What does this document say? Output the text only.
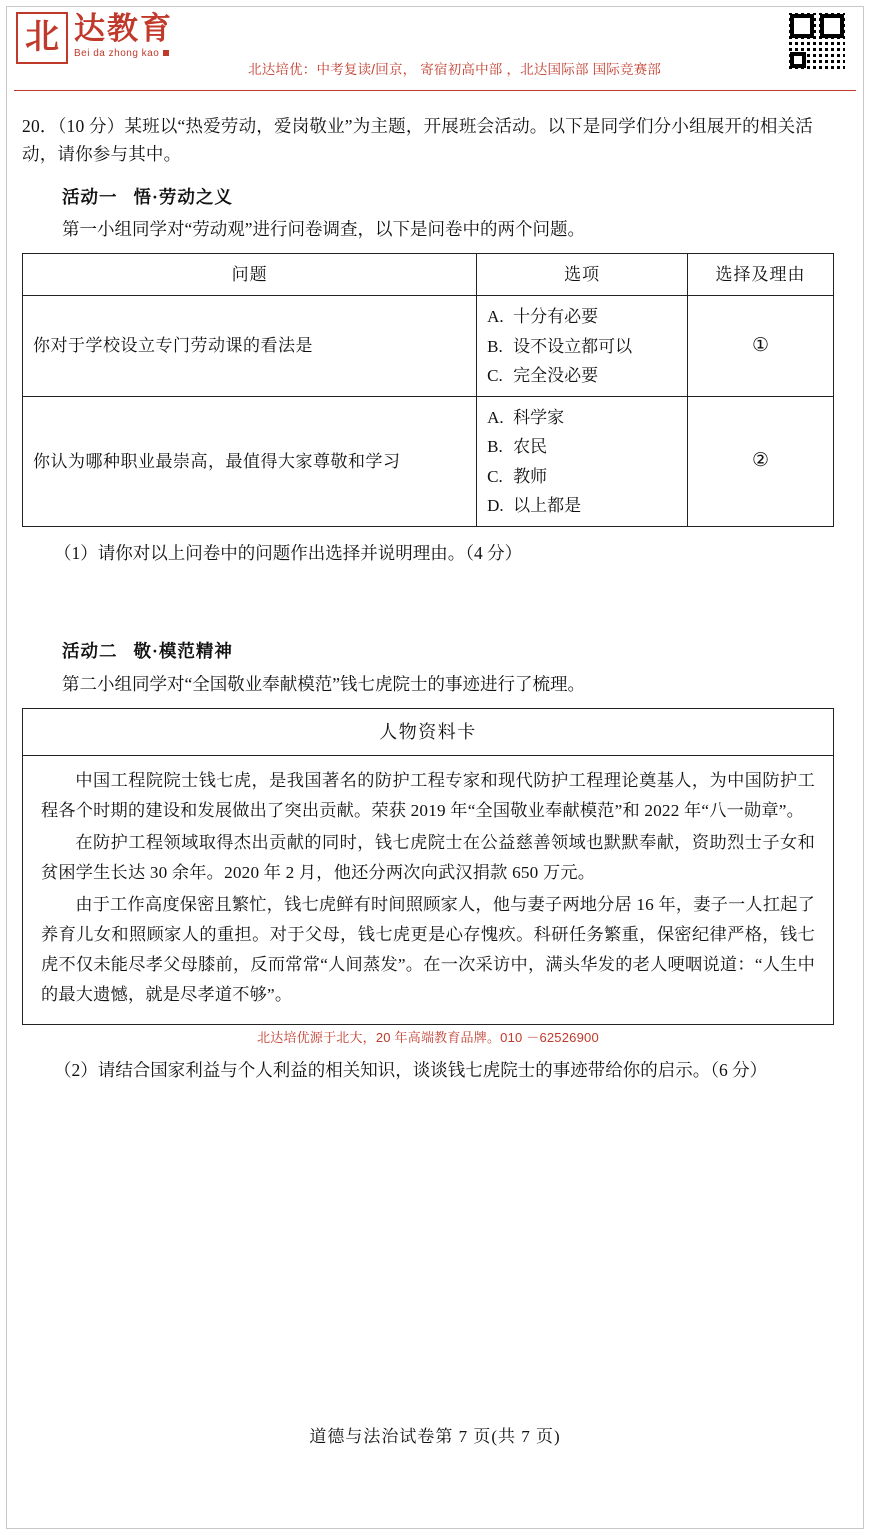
北 达教育
Bei da zhong kao
北达培优：中考复读/回京， 寄宿初高中部 ，北达国际部 国际竞赛部

20．（10 分）某班以“热爱劳动，爱岗敬业”为主题，开展班会活动。以下是同学们分小组展开的相关活动，请你参与其中。

活动一 悟·劳动之义

第一小组同学对“劳动观”进行问卷调查，以下是问卷中的两个问题。

问题	选项	选择及理由
你对于学校设立专门劳动课的看法是	A. 十分有必要
B. 设不设立都可以
C. 完全没必要	①
你认为哪种职业最崇高，最值得大家尊敬和学习	A. 科学家
B. 农民
C. 教师
D. 以上都是	②

（1）请你对以上问卷中的问题作出选择并说明理由。（4 分）

活动二 敬·模范精神

第二小组同学对“全国敬业奉献模范”钱七虎院士的事迹进行了梳理。

人物资料卡

中国工程院院士钱七虎，是我国著名的防护工程专家和现代防护工程理论奠基人，为中国防护工程各个时期的建设和发展做出了突出贡献。荣获 2019 年“全国敬业奉献模范”和 2022 年“八一勋章”。

在防护工程领域取得杰出贡献的同时，钱七虎院士在公益慈善领域也默默奉献，资助烈士子女和贫困学生长达 30 余年。2020 年 2 月，他还分两次向武汉捐款 650 万元。

由于工作高度保密且繁忙，钱七虎鲜有时间照顾家人，他与妻子两地分居 16 年，妻子一人扛起了养育儿女和照顾家人的重担。对于父母，钱七虎更是心存愧疚。科研任务繁重，保密纪律严格，钱七虎不仅未能尽孝父母膝前，反而常常“人间蒸发”。在一次采访中，满头华发的老人哽咽说道：“人生中的最大遗憾，就是尽孝道不够”。

北达培优源于北大，20 年高端教育品牌。010 －62526900

（2）请结合国家利益与个人利益的相关知识，谈谈钱七虎院士的事迹带给你的启示。（6 分）

道德与法治试卷第 7 页(共 7 页)
